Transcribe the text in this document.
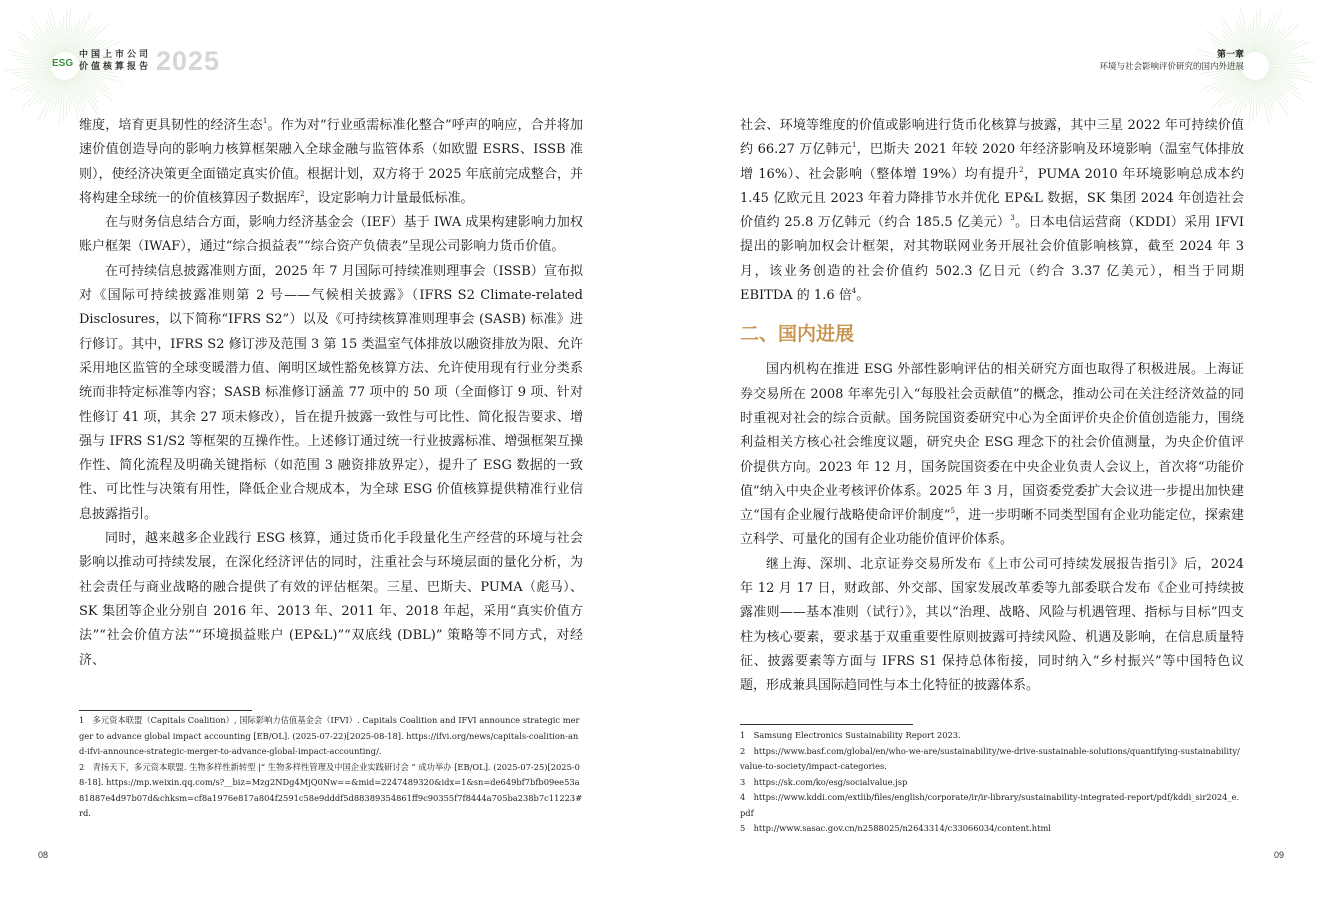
ESG
中国上市公司
价值核算报告 2025	第一章
环境与社会影响评价研究的国内外进展

维度，培育更具韧性的经济生态$^1$。作为对“行业亟需标准化整合”呼声的响应，合并将加速价值创造导向的影响力核算框架融入全球金融与监管体系（如欧盟 ESRS、ISSB 准则），使经济决策更全面锚定真实价值。根据计划，双方将于 2025 年底前完成整合，并将构建全球统一的价值核算因子数据库$^2$，设定影响力计量最低标准。

在与财务信息结合方面，影响力经济基金会（IEF）基于 IWA 成果构建影响力加权账户框架（IWAF），通过“综合损益表”“综合资产负债表”呈现公司影响力货币价值。

在可持续信息披露准则方面，2025 年 7 月国际可持续准则理事会（ISSB）宣布拟对《国际可持续披露准则第 2 号——气候相关披露》（IFRS S2 Climate-related Disclosures，以下简称“IFRS S2”）以及《可持续核算准则理事会 (SASB) 标准》进行修订。其中，IFRS S2 修订涉及范围 3 第 15 类温室气体排放以融资排放为限、允许采用地区监管的全球变暖潜力值、阐明区域性豁免核算方法、允许使用现有行业分类系统而非特定标准等内容；SASB 标准修订涵盖 77 项中的 50 项（全面修订 9 项、针对性修订 41 项，其余 27 项未修改），旨在提升披露一致性与可比性、简化报告要求、增强与 IFRS S1/S2 等框架的互操作性。上述修订通过统一行业披露标准、增强框架互操作性、简化流程及明确关键指标（如范围 3 融资排放界定），提升了 ESG 数据的一致性、可比性与决策有用性，降低企业合规成本，为全球 ESG 价值核算提供精准行业信息披露指引。

同时，越来越多企业践行 ESG 核算，通过货币化手段量化生产经营的环境与社会影响以推动可持续发展，在深化经济评估的同时，注重社会与环境层面的量化分析，为社会责任与商业战略的融合提供了有效的评估框架。三星、巴斯夫、PUMA（彪马）、SK 集团等企业分别自 2016 年、2013 年、2011 年、2018 年起，采用“真实价值方法”“社会价值方法”“环境损益账户 (EP&L)”“双底线 (DBL)” 策略等不同方式，对经济、

1　多元资本联盟（Capitals Coalition）, 国际影响力估值基金会（IFVI）. Capitals Coalition and IFVI announce strategic merger to advance global impact accounting [EB/OL]. (2025-07-22)[2025-08-18]. https://ifvi.org/news/capitals-coalition-and-ifvi-announce-strategic-merger-to-advance-global-impact-accounting/.
2　青扬天下，多元资本联盟. 生物多样性新转型 |“ 生物多样性管理及中国企业实践研讨会 ” 成功举办 [EB/OL]. (2025-07-25)[2025-08-18]. https://mp.weixin.qq.com/s?__biz=Mzg2NDg4MjQ0Nw==&mid=2247489320&idx=1&sn=de649bf7bfb09ee53a81887e4d97b07d&chksm=cf8a1976e817a804f2591c58e9dddf5d88389354861ff9c90355f7f8444a705ba238b7c11223#rd.
08

社会、环境等维度的价值或影响进行货币化核算与披露，其中三星 2022 年可持续价值约 66.27 万亿韩元$^1$，巴斯夫 2021 年较 2020 年经济影响及环境影响（温室气体排放增 16%）、社会影响（整体增 19%）均有提升$^2$，PUMA 2010 年环境影响总成本约 1.45 亿欧元且 2023 年着力降排节水并优化 EP&L 数据，SK 集团 2024 年创造社会价值约 25.8 万亿韩元（约合 185.5 亿美元）$^3$。日本电信运营商（KDDI）采用 IFVI 提出的影响加权会计框架，对其物联网业务开展社会价值影响核算，截至 2024 年 3 月，该业务创造的社会价值约 502.3 亿日元（约合 3.37 亿美元），相当于同期 EBITDA 的 1.6 倍$^4$。

二、国内进展

国内机构在推进 ESG 外部性影响评估的相关研究方面也取得了积极进展。上海证券交易所在 2008 年率先引入“每股社会贡献值”的概念，推动公司在关注经济效益的同时重视对社会的综合贡献。国务院国资委研究中心为全面评价央企价值创造能力，围绕利益相关方核心社会维度议题，研究央企 ESG 理念下的社会价值测量，为央企价值评价提供方向。2023 年 12 月，国务院国资委在中央企业负责人会议上，首次将“功能价值”纳入中央企业考核评价体系。2025 年 3 月，国资委党委扩大会议进一步提出加快建立“国有企业履行战略使命评价制度”$^5$，进一步明晰不同类型国有企业功能定位，探索建立科学、可量化的国有企业功能价值评价体系。

继上海、深圳、北京证券交易所发布《上市公司可持续发展报告指引》后，2024 年 12 月 17 日，财政部、外交部、国家发展改革委等九部委联合发布《企业可持续披露准则——基本准则（试行）》，其以“治理、战略、风险与机遇管理、指标与目标”四支柱为核心要素，要求基于双重重要性原则披露可持续风险、机遇及影响，在信息质量特征、披露要素等方面与 IFRS S1 保持总体衔接，同时纳入“乡村振兴”等中国特色议题，形成兼具国际趋同性与本土化特征的披露体系。

1　Samsung Electronics Sustainability Report 2023.
2　https://www.basf.com/global/en/who-we-are/sustainability/we-drive-sustainable-solutions/quantifying-sustainability/value-to-society/impact-categories.
3　https://sk.com/ko/esg/socialvalue.jsp
4　https://www.kddi.com/extlib/files/english/corporate/ir/ir-library/sustainability-integrated-report/pdf/kddi_sir2024_e.pdf
5　http://www.sasac.gov.cn/n2588025/n2643314/c33066034/content.html
09
